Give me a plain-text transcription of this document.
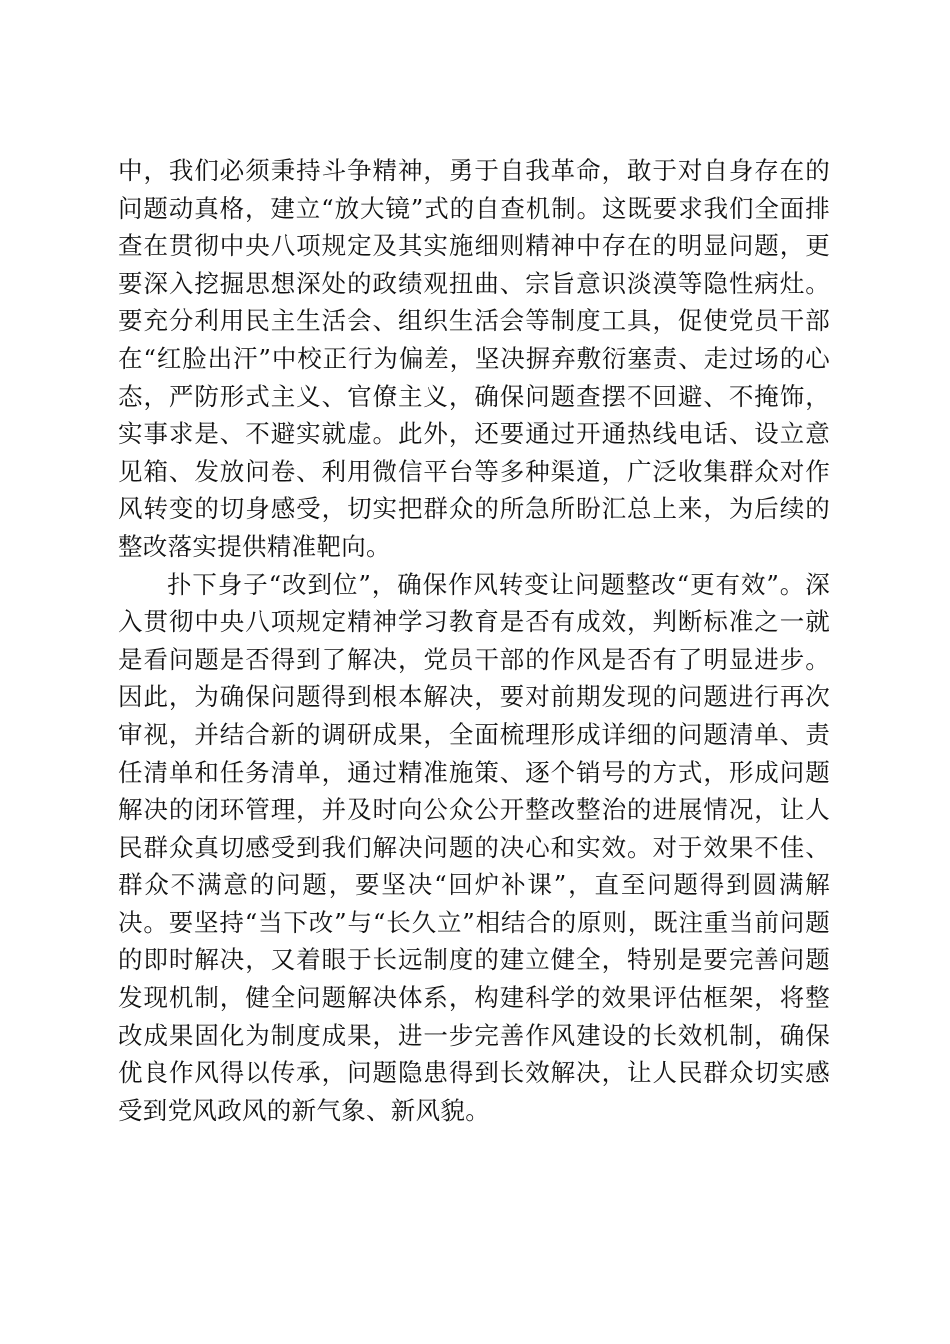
中，我们必须秉持斗争精神，勇于自我革命，敢于对自身存在的问题动真格，建立“放大镜”式的自查机制。这既要求我们全面排查在贯彻中央八项规定及其实施细则精神中存在的明显问题，更要深入挖掘思想深处的政绩观扭曲、宗旨意识淡漠等隐性病灶。要充分利用民主生活会、组织生活会等制度工具，促使党员干部在“红脸出汗”中校正行为偏差，坚决摒弃敷衍塞责、走过场的心态，严防形式主义、官僚主义，确保问题查摆不回避、不掩饰，实事求是、不避实就虚。此外，还要通过开通热线电话、设立意见箱、发放问卷、利用微信平台等多种渠道，广泛收集群众对作风转变的切身感受，切实把群众的所急所盼汇总上来，为后续的整改落实提供精准靶向。

扑下身子“改到位”，确保作风转变让问题整改“更有效”。深入贯彻中央八项规定精神学习教育是否有成效，判断标准之一就是看问题是否得到了解决，党员干部的作风是否有了明显进步。因此，为确保问题得到根本解决，要对前期发现的问题进行再次审视，并结合新的调研成果，全面梳理形成详细的问题清单、责任清单和任务清单，通过精准施策、逐个销号的方式，形成问题解决的闭环管理，并及时向公众公开整改整治的进展情况，让人民群众真切感受到我们解决问题的决心和实效。对于效果不佳、群众不满意的问题，要坚决“回炉补课”，直至问题得到圆满解决。要坚持“当下改”与“长久立”相结合的原则，既注重当前问题的即时解决，又着眼于长远制度的建立健全，特别是要完善问题发现机制，健全问题解决体系，构建科学的效果评估框架，将整改成果固化为制度成果，进一步完善作风建设的长效机制，确保优良作风得以传承，问题隐患得到长效解决，让人民群众切实感受到党风政风的新气象、新风貌。
